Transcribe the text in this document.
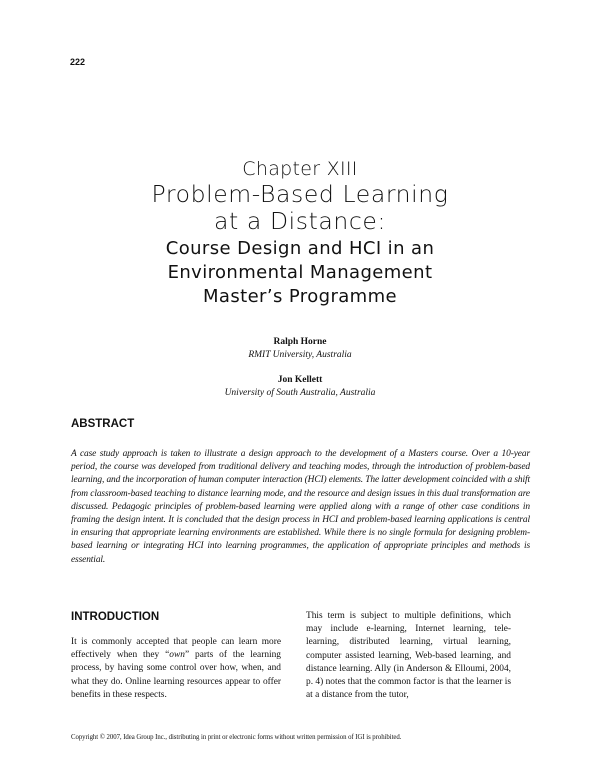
222
Chapter XIII
Problem-Based Learning
at a Distance:
Course Design and HCI in an
Environmental Management
Master’s Programme
Ralph Horne
RMIT University, Australia
Jon Kellett
University of South Australia, Australia
ABSTRACT
A case study approach is taken to illustrate a design approach to the development of a Masters course. Over a 10-year period, the course was developed from traditional delivery and teaching modes, through the introduction of problem-based learning, and the incorporation of human computer interaction (HCI) elements. The latter development coincided with a shift from classroom-based teaching to distance learning mode, and the resource and design issues in this dual transformation are discussed. Pedagogic principles of problem-based learning were applied along with a range of other case conditions in framing the design intent. It is concluded that the design process in HCI and problem-based learning applications is central in ensuring that appropriate learning environments are established. While there is no single formula for designing problem-based learning or integrating HCI into learning programmes, the application of appropriate principles and methods is essential.
INTRODUCTION
It is commonly accepted that people can learn more effectively when they “own” parts of the learning process, by having some control over how, when, and what they do. Online learning resources appear to offer benefits in these respects.
This term is subject to multiple definitions, which may include e-learning, Internet learning, tele-learning, distributed learning, virtual learning, computer assisted learning, Web-based learning, and distance learning. Ally (in Anderson & Elloumi, 2004, p. 4) notes that the common factor is that the learner is at a distance from the tutor,
Copyright © 2007, Idea Group Inc., distributing in print or electronic forms without written permission of IGI is prohibited.
